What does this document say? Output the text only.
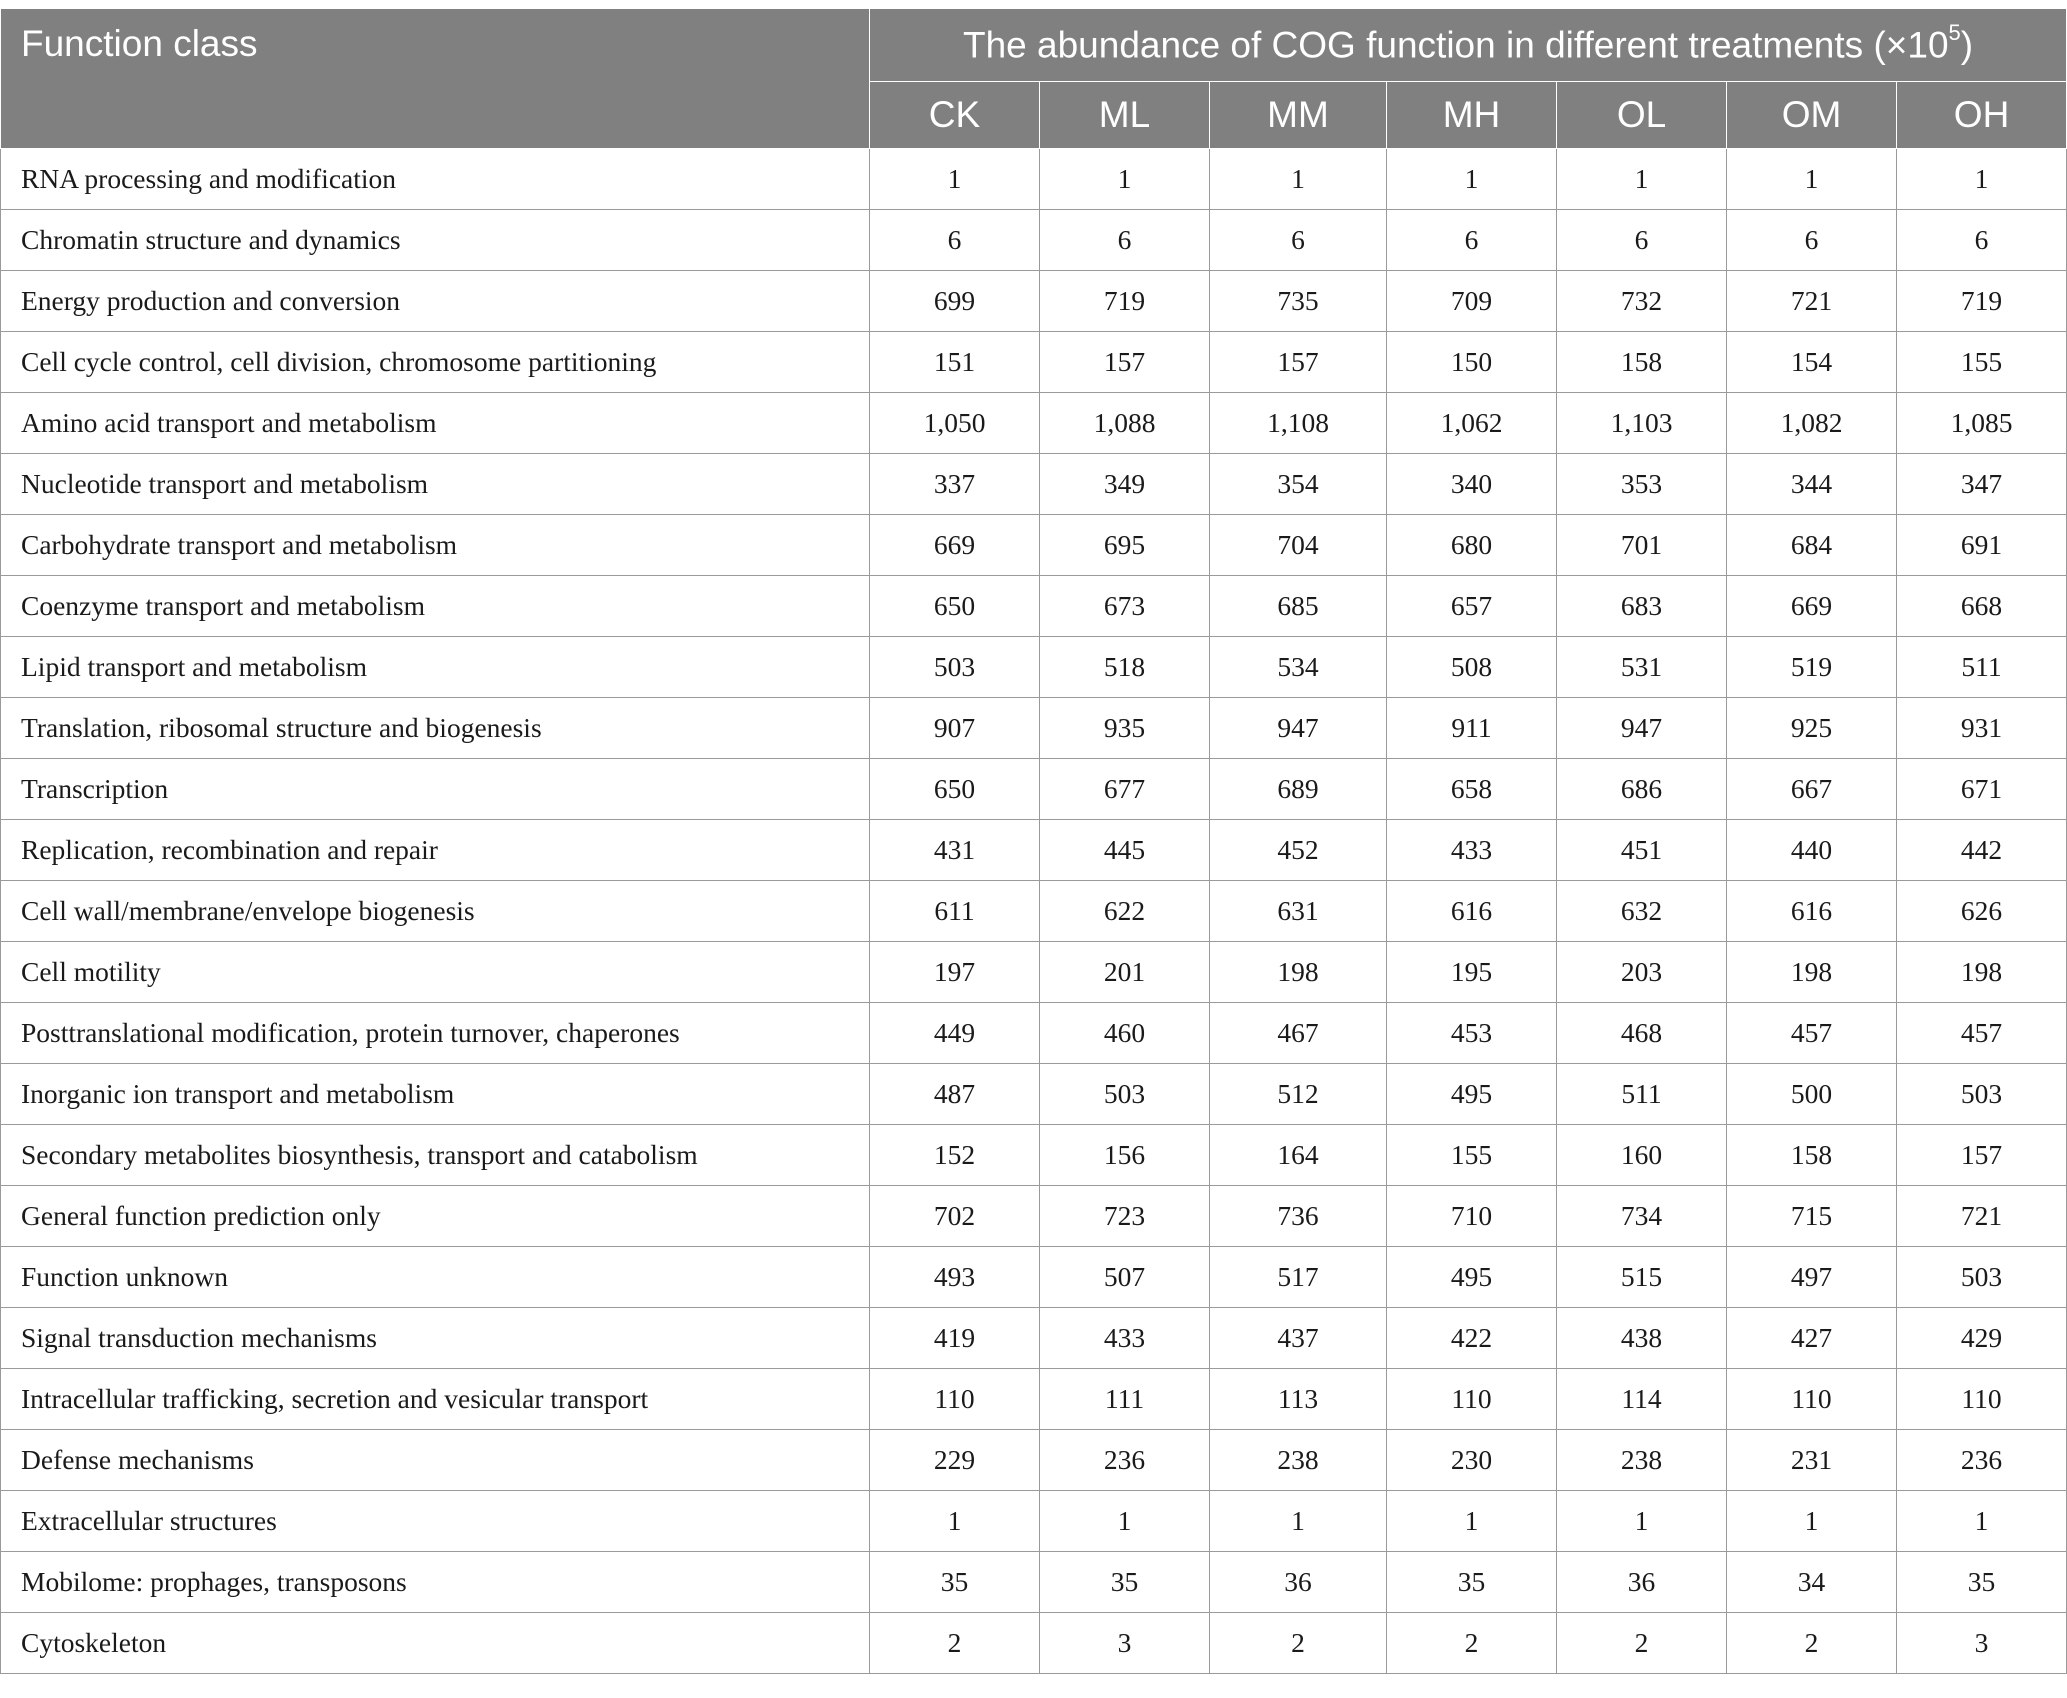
Function class	The abundance of COG function in different treatments $(\times 10^5)$						
	CK	ML	MM	MH	OL	OM	OH
RNA processing and modification	1	1	1	1	1	1	1
Chromatin structure and dynamics	6	6	6	6	6	6	6
Energy production and conversion	699	719	735	709	732	721	719
Cell cycle control, cell division, chromosome partitioning	151	157	157	150	158	154	155
Amino acid transport and metabolism	1,050	1,088	1,108	1,062	1,103	1,082	1,085
Nucleotide transport and metabolism	337	349	354	340	353	344	347
Carbohydrate transport and metabolism	669	695	704	680	701	684	691
Coenzyme transport and metabolism	650	673	685	657	683	669	668
Lipid transport and metabolism	503	518	534	508	531	519	511
Translation, ribosomal structure and biogenesis	907	935	947	911	947	925	931
Transcription	650	677	689	658	686	667	671
Replication, recombination and repair	431	445	452	433	451	440	442
Cell wall/membrane/envelope biogenesis	611	622	631	616	632	616	626
Cell motility	197	201	198	195	203	198	198
Posttranslational modification, protein turnover, chaperones	449	460	467	453	468	457	457
Inorganic ion transport and metabolism	487	503	512	495	511	500	503
Secondary metabolites biosynthesis, transport and catabolism	152	156	164	155	160	158	157
General function prediction only	702	723	736	710	734	715	721
Function unknown	493	507	517	495	515	497	503
Signal transduction mechanisms	419	433	437	422	438	427	429
Intracellular trafficking, secretion and vesicular transport	110	111	113	110	114	110	110
Defense mechanisms	229	236	238	230	238	231	236
Extracellular structures	1	1	1	1	1	1	1
Mobilome: prophages, transposons	35	35	36	35	36	34	35
Cytoskeleton	2	3	2	2	2	2	3
